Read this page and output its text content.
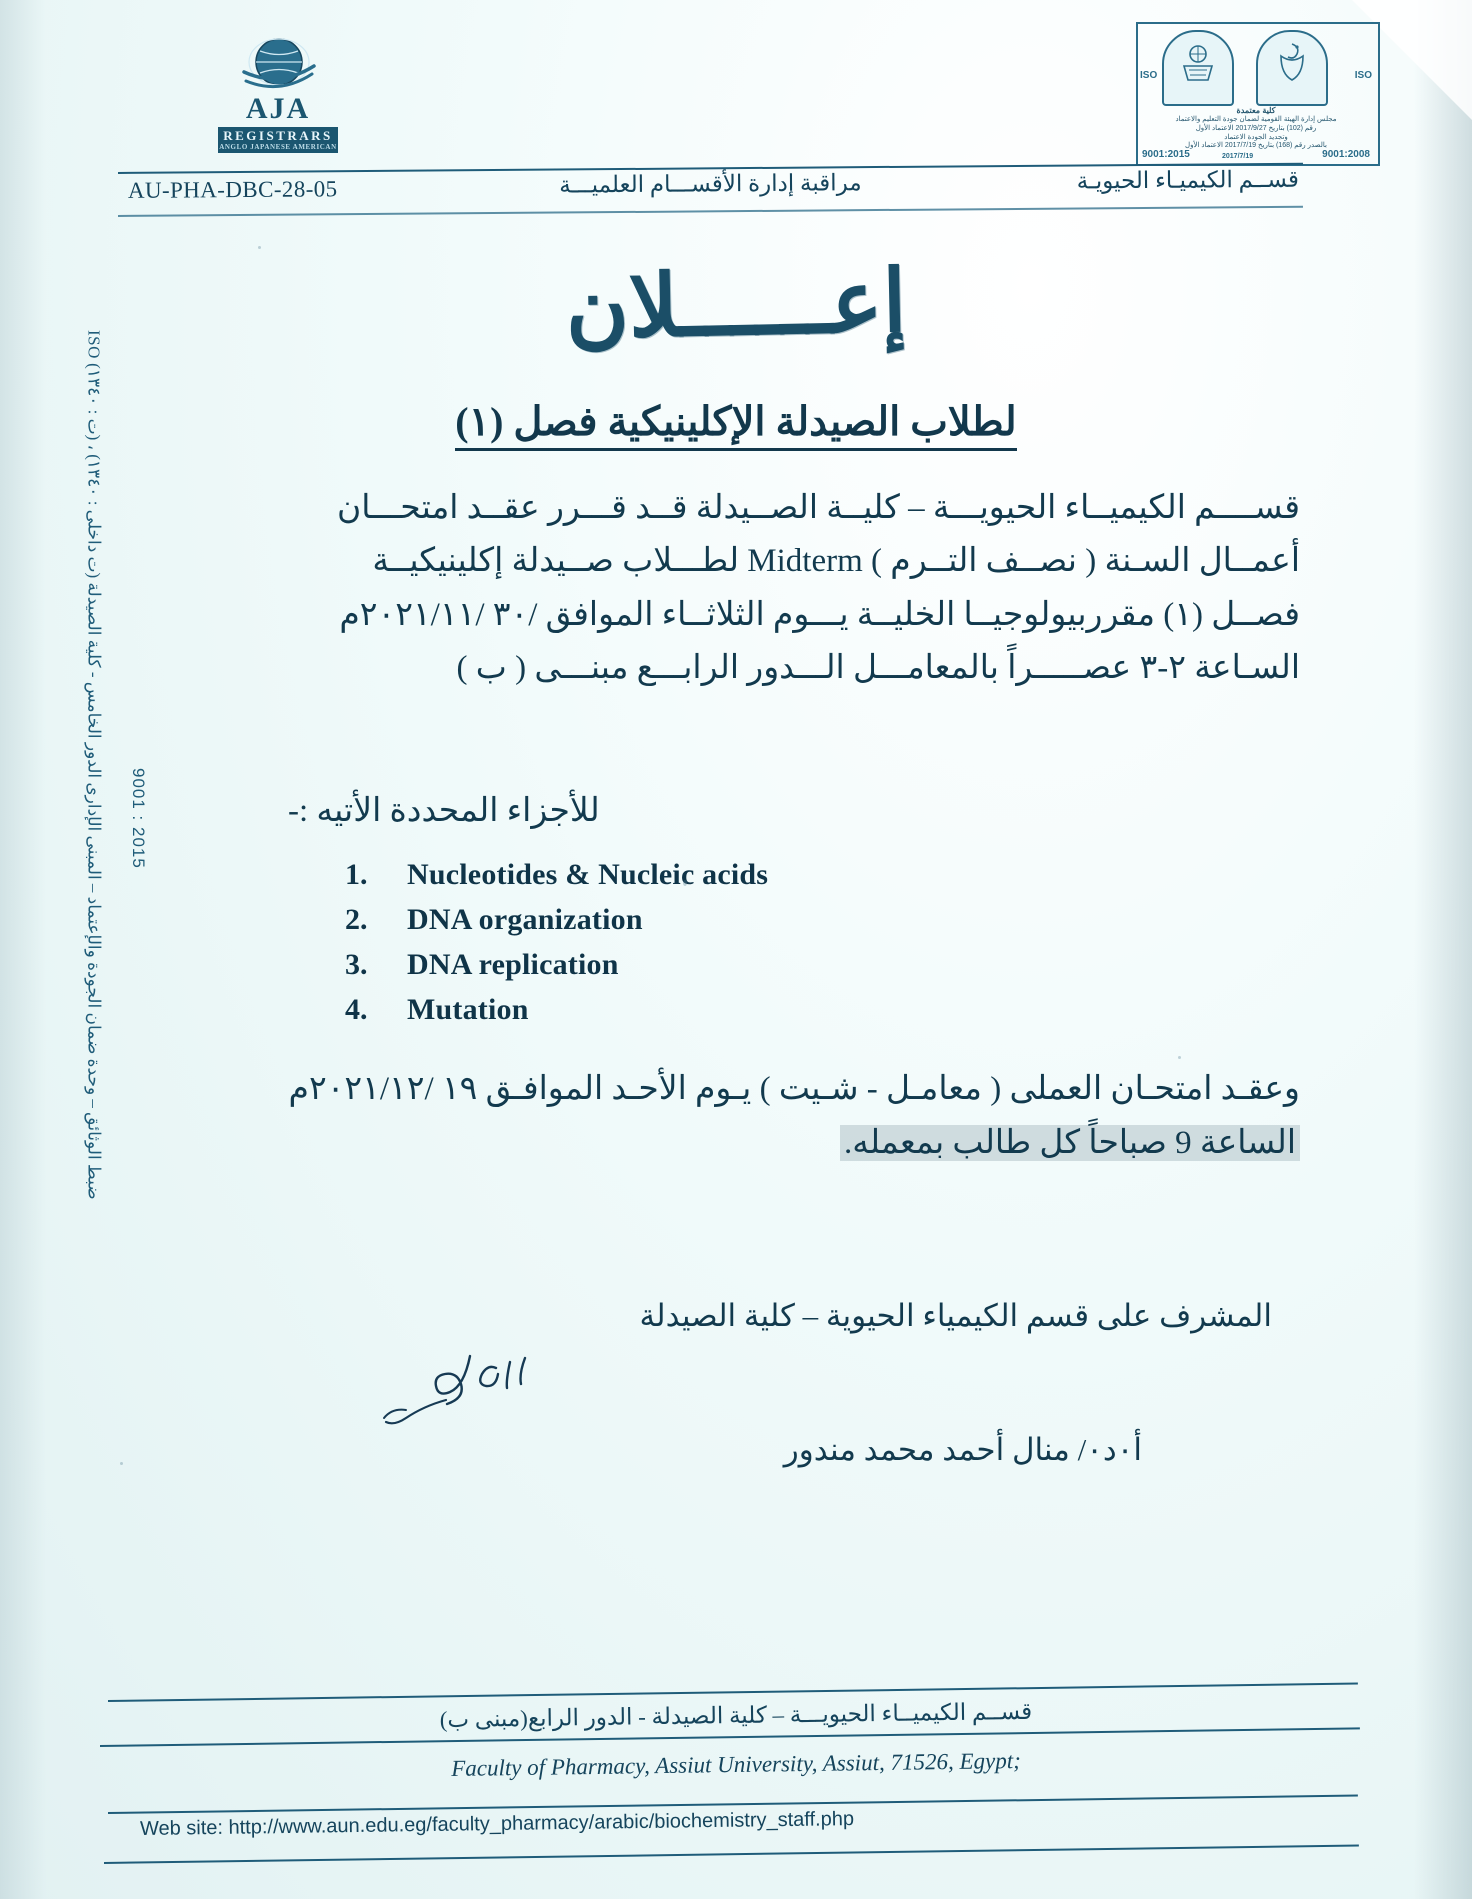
AJA
REGISTRARS
ANGLO JAPANESE AMERICAN
ISO	ISO
كلية معتمدة
مجلس إدارة الهيئة القومية لضمان جودة التعليم والاعتماد
رقم (102) بتاريخ 2017/9/27 الاعتماد الأول
وتجديد الجودة الاعتماد
بالصدر رقم (168) بتاريخ 2017/7/19 الاعتماد الأول
9001:2015	2017/7/19	9001:2008
AU-PHA-DBC-28-05	مراقبة إدارة الأقســـام العلميـــة	قســم الكيميـاء الحيويـة
ضبط الوثائق – وحدة ضمان الجودة والإعتماد – المبنى الإدارى الدور الخامس - كلية الصيدلة (ت داخلى : ١٣٤٠) ، (ت : ١٣٤٠) ISO 9001 : 2015
إعــــــلان
لطلاب الصيدلة الإكلينيكية فصل (١)

قســــم الكيميــاء الحيويـــة – كليــة الصــيدلة قــد قـــرر عقــد امتحـــان

أعمــال السـنة ( نصــف التــرم ) Midterm لطـــلاب صــيدلة إكلينيكيــة

فصــل (١) مقرربيولوجيــا الخليــة يـــوم الثلاثــاء الموافق /٣٠ /٢٠٢١/١١م

السـاعة ٢-٣ عصـــــراً بالمعامـــل الـــدور الرابـــع مبنـــى ( ب )

للأجزاء المحددة الأتيه :-
1.	Nucleotides & Nucleic acids
2.	DNA organization
3.	DNA replication
4.	Mutation

وعقـد امتحـان العملى ( معامـل - شـيت ) يـوم الأحـد الموافـق ١٩ /٢٠٢١/١٢م

الساعة 9 صباحاً كل طالب بمعمله.

المشرف على قسم الكيمياء الحيوية – كلية الصيدلة
أ٠د٠/ منال أحمد محمد مندور
قســم الكيميــاء الحيويـــة – كلية الصيدلة - الدور الرابع(مبنى ب)
Faculty of Pharmacy, Assiut University, Assiut, 71526, Egypt;
Web site: http://www.aun.edu.eg/faculty_pharmacy/arabic/biochemistry_staff.php
